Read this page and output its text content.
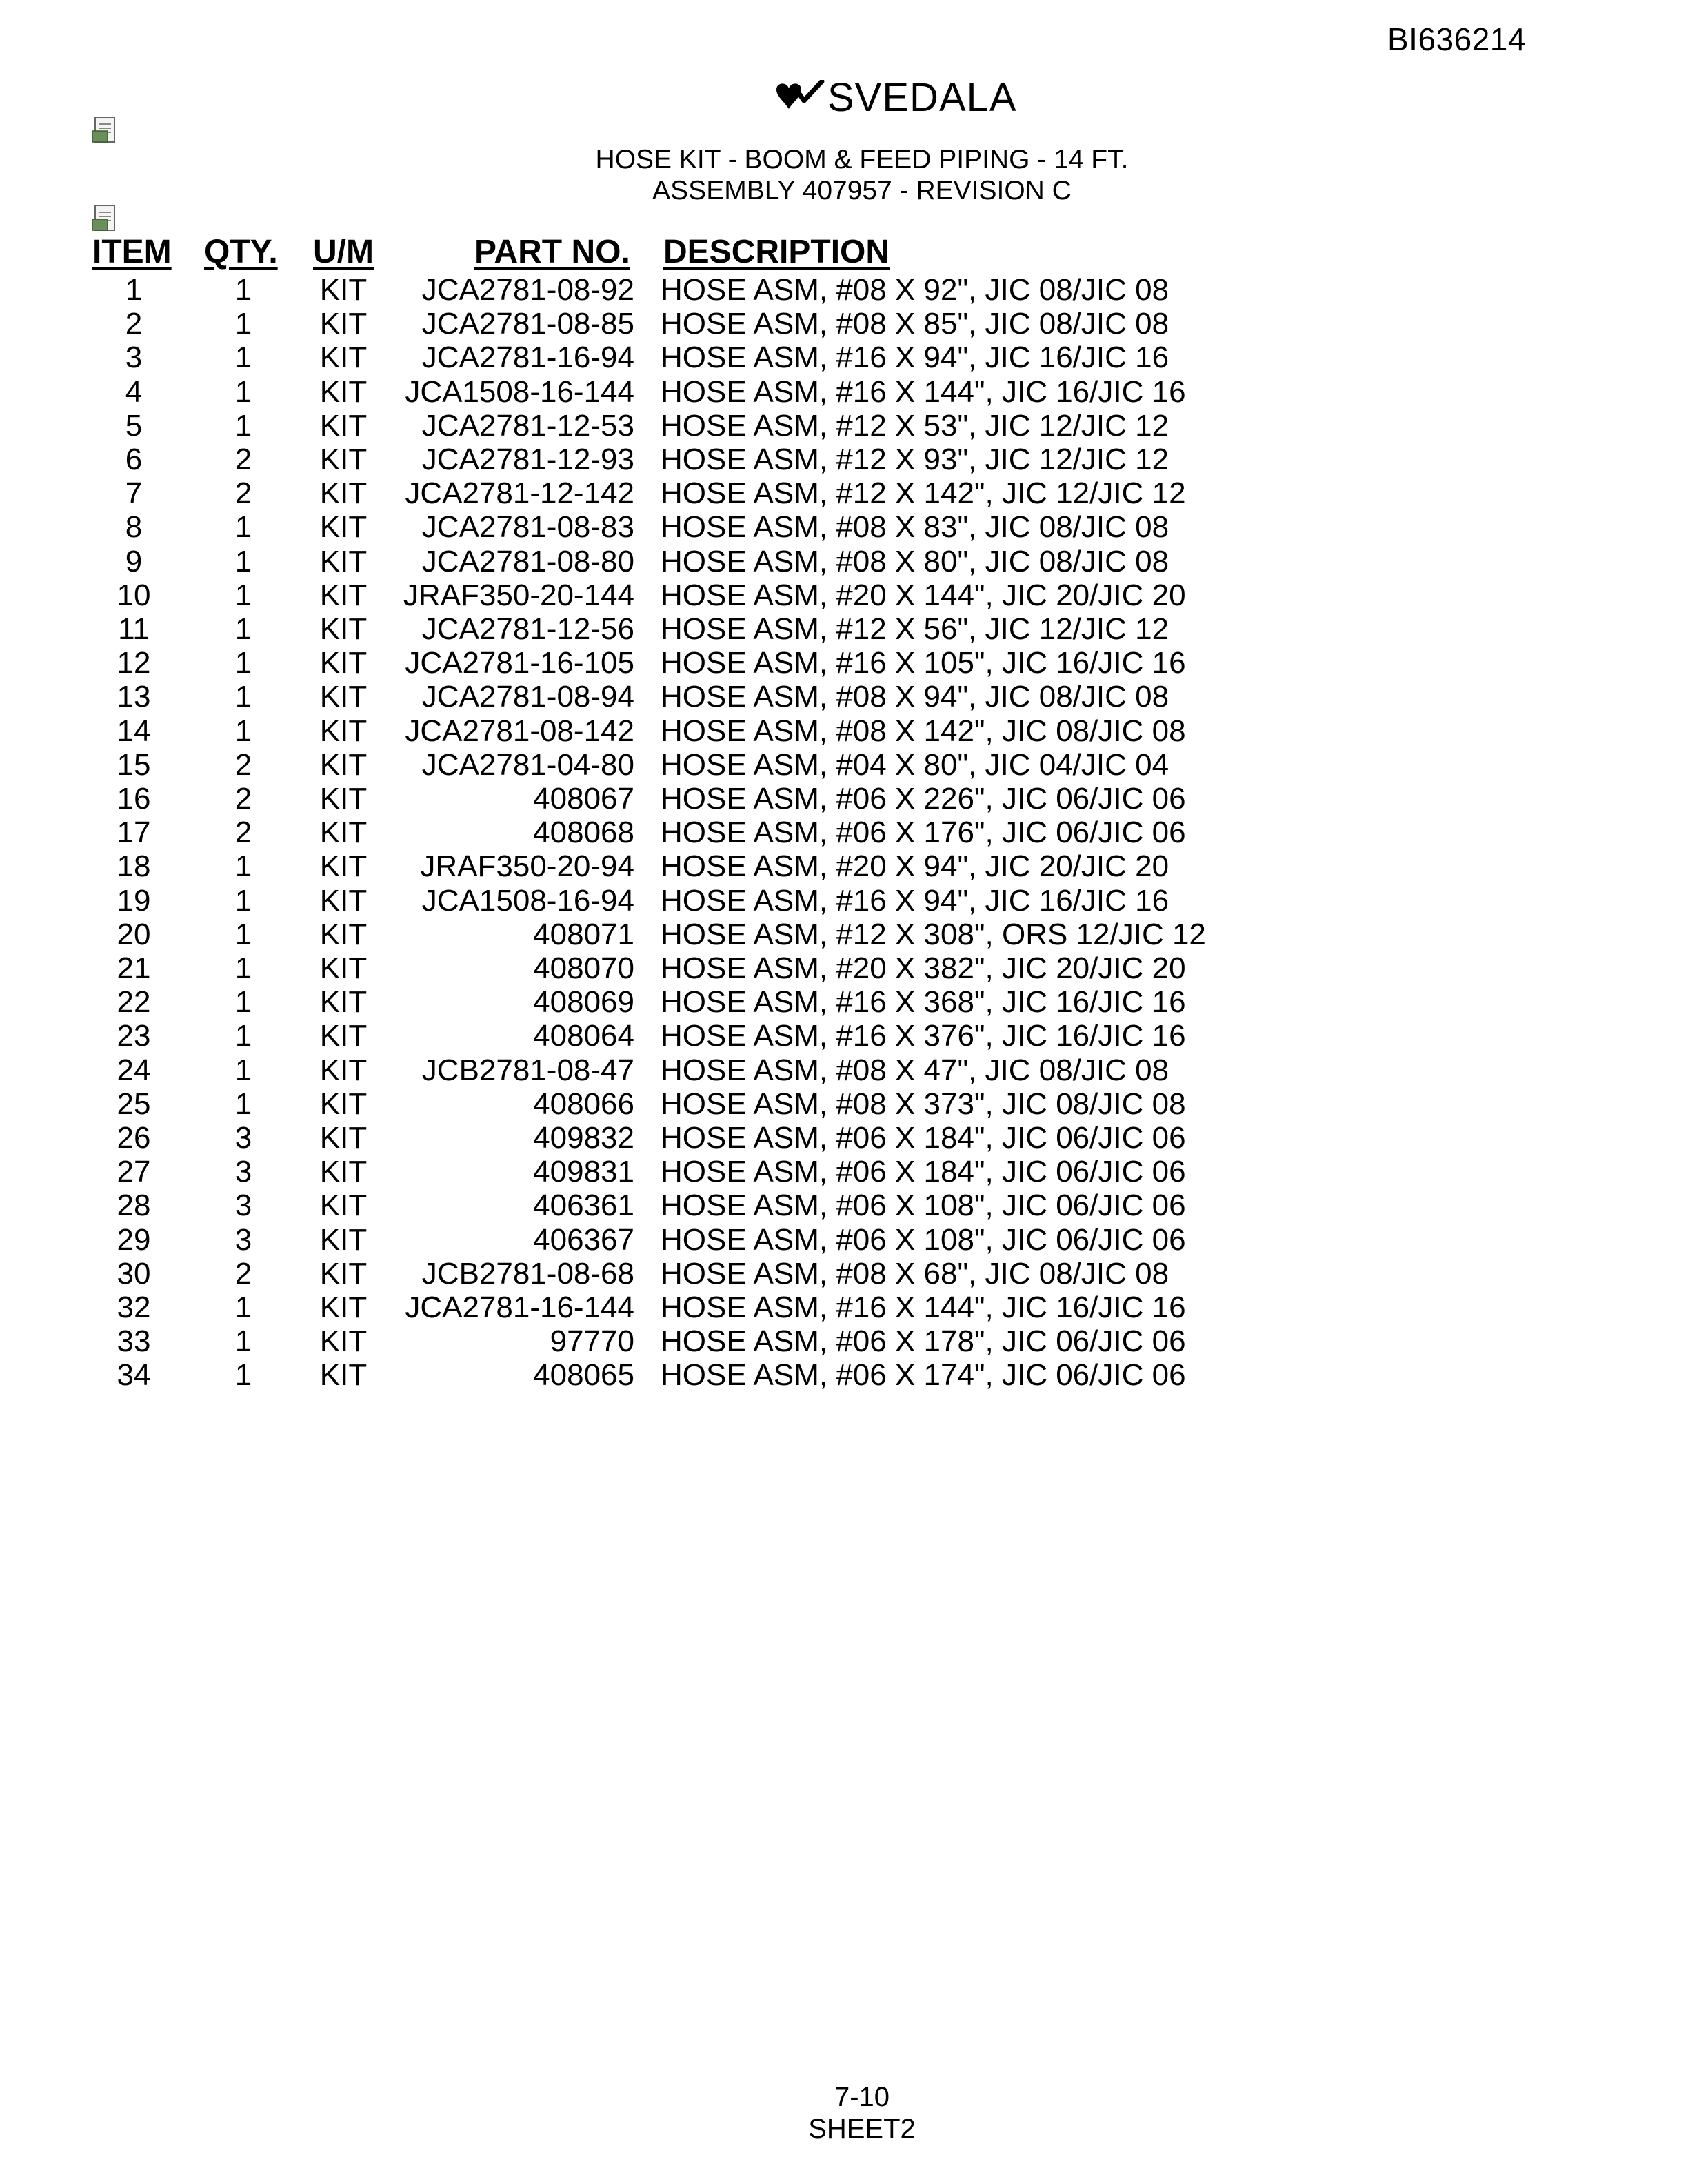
BI636214
SVEDALA
HOSE KIT - BOOM & FEED PIPING - 14 FT.
ASSEMBLY 407957 - REVISION C
ITEM QTY. U/M	PART NO. DESCRIPTION
1	1	KIT	JCA2781-08-92 HOSE ASM, #08 X 92", JIC 08/JIC 08
2	1	KIT	JCA2781-08-85 HOSE ASM, #08 X 85", JIC 08/JIC 08
3	1	KIT	JCA2781-16-94 HOSE ASM, #16 X 94", JIC 16/JIC 16
4	1	KIT	JCA1508-16-144 HOSE ASM, #16 X 144", JIC 16/JIC 16
5	1	KIT	JCA2781-12-53 HOSE ASM, #12 X 53", JIC 12/JIC 12
6	2	KIT	JCA2781-12-93 HOSE ASM, #12 X 93", JIC 12/JIC 12
7	2	KIT	JCA2781-12-142 HOSE ASM, #12 X 142", JIC 12/JIC 12
8	1	KIT	JCA2781-08-83 HOSE ASM, #08 X 83", JIC 08/JIC 08
9	1	KIT	JCA2781-08-80 HOSE ASM, #08 X 80", JIC 08/JIC 08
10	1	KIT	JRAF350-20-144 HOSE ASM, #20 X 144", JIC 20/JIC 20
11	1	KIT	JCA2781-12-56 HOSE ASM, #12 X 56", JIC 12/JIC 12
12	1	KIT	JCA2781-16-105 HOSE ASM, #16 X 105", JIC 16/JIC 16
13	1	KIT	JCA2781-08-94 HOSE ASM, #08 X 94", JIC 08/JIC 08
14	1	KIT	JCA2781-08-142 HOSE ASM, #08 X 142", JIC 08/JIC 08
15	2	KIT	JCA2781-04-80 HOSE ASM, #04 X 80", JIC 04/JIC 04
16	2	KIT	408067 HOSE ASM, #06 X 226", JIC 06/JIC 06
17	2	KIT	408068 HOSE ASM, #06 X 176", JIC 06/JIC 06
18	1	KIT	JRAF350-20-94 HOSE ASM, #20 X 94", JIC 20/JIC 20
19	1	KIT	JCA1508-16-94 HOSE ASM, #16 X 94", JIC 16/JIC 16
20	1	KIT	408071 HOSE ASM, #12 X 308", ORS 12/JIC 12
21	1	KIT	408070 HOSE ASM, #20 X 382", JIC 20/JIC 20
22	1	KIT	408069 HOSE ASM, #16 X 368", JIC 16/JIC 16
23	1	KIT	408064 HOSE ASM, #16 X 376", JIC 16/JIC 16
24	1	KIT	JCB2781-08-47 HOSE ASM, #08 X 47", JIC 08/JIC 08
25	1	KIT	408066 HOSE ASM, #08 X 373", JIC 08/JIC 08
26	3	KIT	409832 HOSE ASM, #06 X 184", JIC 06/JIC 06
27	3	KIT	409831 HOSE ASM, #06 X 184", JIC 06/JIC 06
28	3	KIT	406361 HOSE ASM, #06 X 108", JIC 06/JIC 06
29	3	KIT	406367 HOSE ASM, #06 X 108", JIC 06/JIC 06
30	2	KIT	JCB2781-08-68 HOSE ASM, #08 X 68", JIC 08/JIC 08
32	1	KIT	JCA2781-16-144 HOSE ASM, #16 X 144", JIC 16/JIC 16
33	1	KIT	97770 HOSE ASM, #06 X 178", JIC 06/JIC 06
34	1	KIT	408065 HOSE ASM, #06 X 174", JIC 06/JIC 06
7-10
SHEET2
